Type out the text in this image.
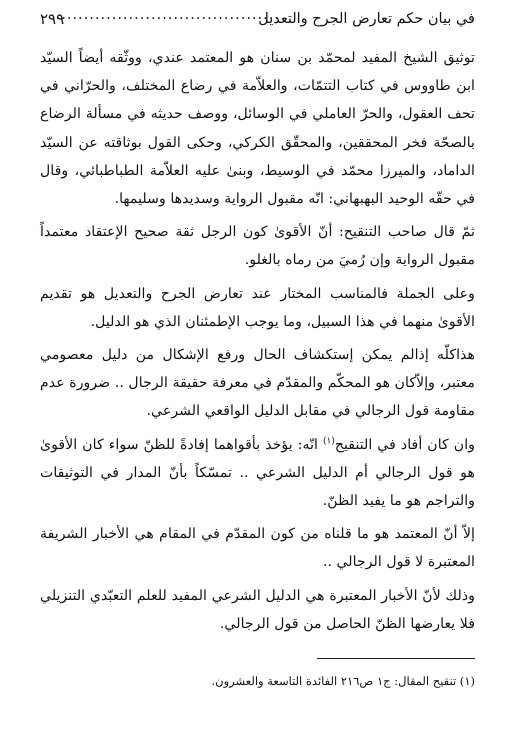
في بيان حكم تعارض الجرح والتعديل
........................................
٢٩٩

توثيق الشيخ المفيد لمحمّد بن سنان هو المعتمد عندي، ووثّقه أيضاً السيّد ابن طاووس في كتاب التتمّات، والعلاّمة في رضاع المختلف، والحرّاني في تحف العقول، والحرّ العاملي في الوسائل، ووصف حديثه في مسألة الرضاع بالصحّة فخر المحققين، والمحقّق الكركي، وحكى القول بوثاقته عن السيّد الداماد، والميرزا محمّد في الوسيط، وبنىٰ عليه العلاّمة الطباطبائي، وقال في حقّه الوحيد البهبهاني: انّه مقبول الرواية وسديدها وسليمها.

ثمّ قال صاحب التنقيح: أنّ الأقوىٰ كون الرجل ثقة صحيح الإعتقاد معتمداً مقبول الرواية وإن رُميَ من رماه بالغلو.

وعلى الجملة فالمناسب المختار عند تعارض الجرح والتعديل هو تقديم الأقوىٰ منهما في هذا السبيل، وما يوجب الإطمئنان الذي هو الدليل.

هذاكلّه إذالم يمكن إستكشاف الحال ورفع الإشكال من دليل معصومي معتبر، وإلاّكان هو المحكّم والمقدّم في معرفة حقيقة الرجال .. ضرورة عدم مقاومة قول الرجالي في مقابل الدليل الواقعي الشرعي.

وان كان أفاد في التنقيح$^{(١)}$ انّه: يؤخذ بأقواهما إفادةً للظنّ سواء كان الأقوىٰ هو قول الرجالي أم الدليل الشرعي .. تمسّكاً بأنّ المدار في التوثيقات والتراجم هو ما يفيد الظنّ.

إلاّ أنّ المعتمد هو ما قلناه من كون المقدّم في المقام هي الأخبار الشريفة المعتبرة لا قول الرجالي ..

وذلك لأنّ الأخبار المعتبرة هي الدليل الشرعي المفيد للعلم التعبّدي التنزيلي فلا يعارضها الظنّ الحاصل من قول الرجالي.

(١) تنقيح المقال: ج١ ص٢١٦ الفائدة التاسعة والعشرون.
